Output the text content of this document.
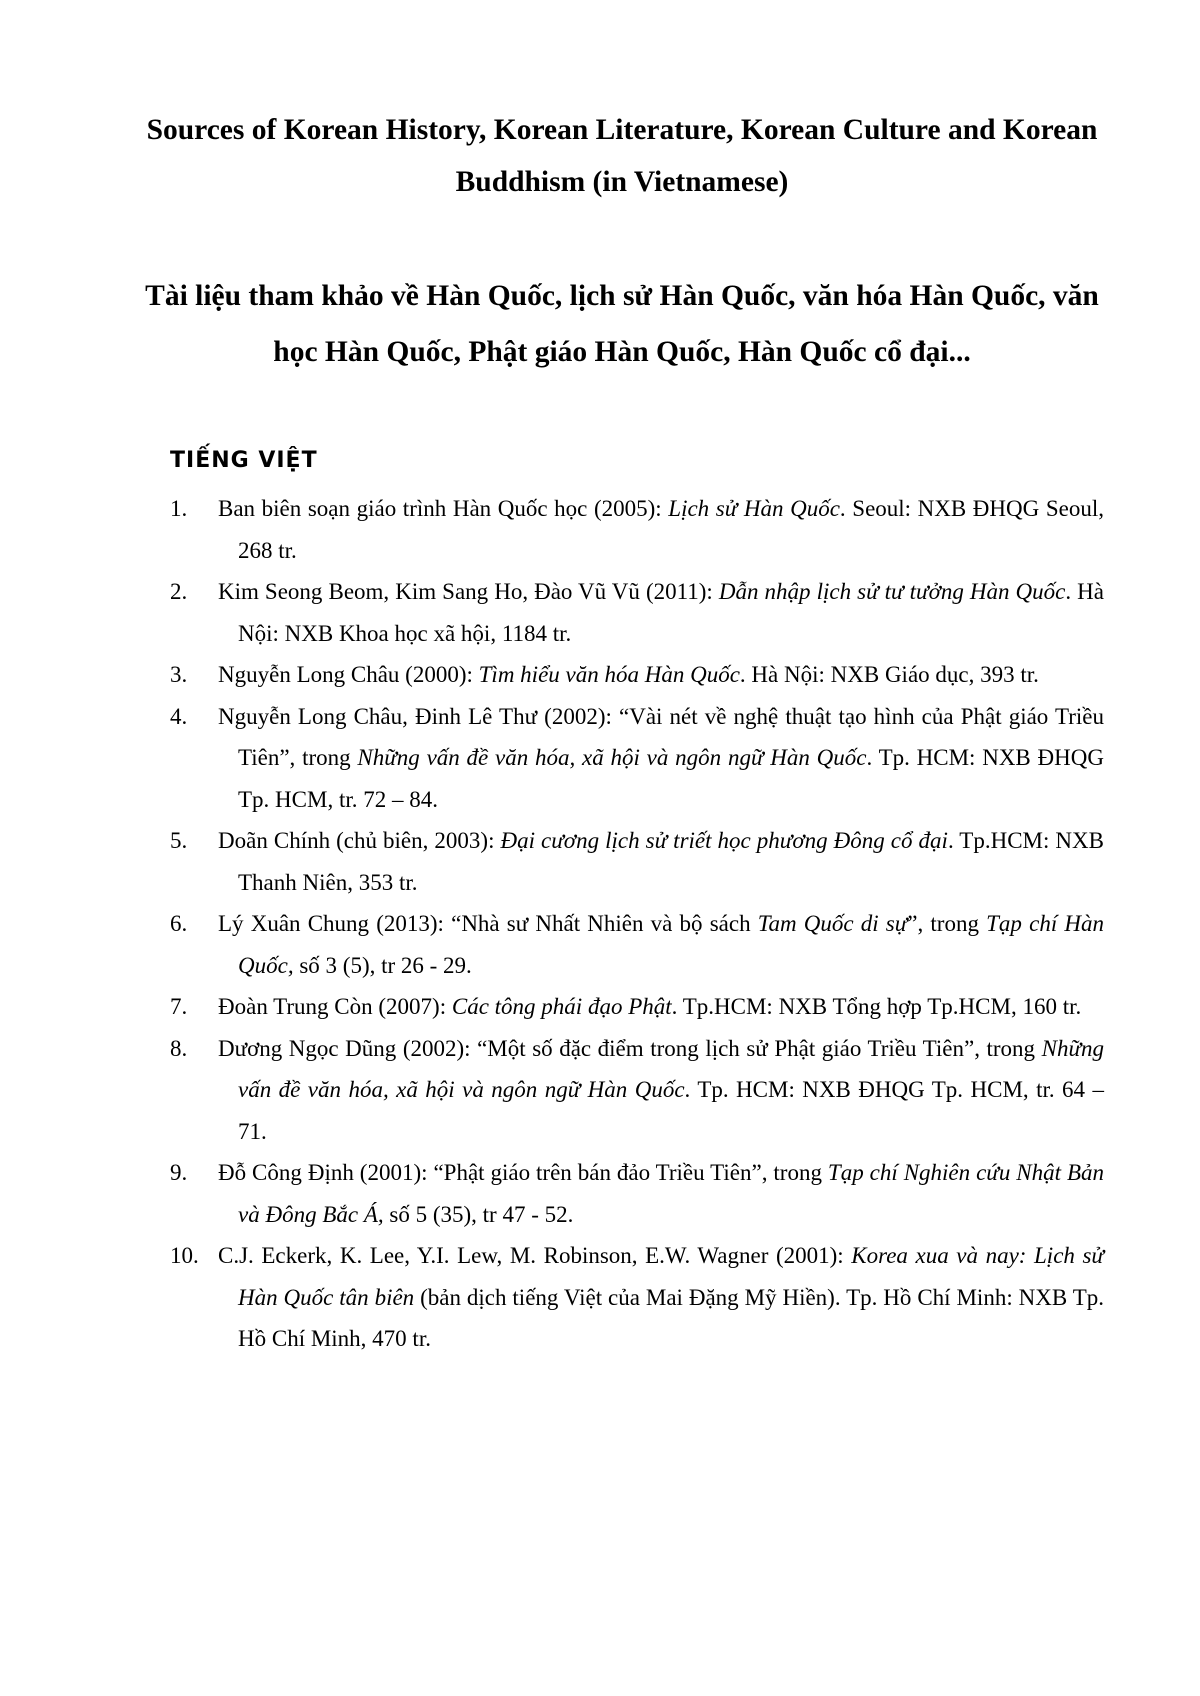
Sources of Korean History, Korean Literature, Korean Culture and Korean Buddhism (in Vietnamese)
Tài liệu tham khảo về Hàn Quốc, lịch sử Hàn Quốc, văn hóa Hàn Quốc, văn học Hàn Quốc, Phật giáo Hàn Quốc, Hàn Quốc cổ đại...
TIẾNG VIỆT
1.	Ban biên soạn giáo trình Hàn Quốc học (2005): Lịch sử Hàn Quốc. Seoul: NXB ĐHQG Seoul, 268 tr.
2.	Kim Seong Beom, Kim Sang Ho, Đào Vũ Vũ (2011): Dẫn nhập lịch sử tư tưởng Hàn Quốc. Hà Nội: NXB Khoa học xã hội, 1184 tr.
3.	Nguyễn Long Châu (2000): Tìm hiểu văn hóa Hàn Quốc. Hà Nội: NXB Giáo dục, 393 tr.
4.	Nguyễn Long Châu, Đinh Lê Thư (2002): “Vài nét về nghệ thuật tạo hình của Phật giáo Triều Tiên”, trong Những vấn đề văn hóa, xã hội và ngôn ngữ Hàn Quốc. Tp. HCM: NXB ĐHQG Tp. HCM, tr. 72 – 84.
5.	Doãn Chính (chủ biên, 2003): Đại cương lịch sử triết học phương Đông cổ đại. Tp.HCM: NXB Thanh Niên, 353 tr.
6.	Lý Xuân Chung (2013): “Nhà sư Nhất Nhiên và bộ sách Tam Quốc di sự”, trong Tạp chí Hàn Quốc, số 3 (5), tr 26 - 29.
7.	Đoàn Trung Còn (2007): Các tông phái đạo Phật. Tp.HCM: NXB Tổng hợp Tp.HCM, 160 tr.
8.	Dương Ngọc Dũng (2002): “Một số đặc điểm trong lịch sử Phật giáo Triều Tiên”, trong Những vấn đề văn hóa, xã hội và ngôn ngữ Hàn Quốc. Tp. HCM: NXB ĐHQG Tp. HCM, tr. 64 – 71.
9.	Đỗ Công Định (2001): “Phật giáo trên bán đảo Triều Tiên”, trong Tạp chí Nghiên cứu Nhật Bản và Đông Bắc Á, số 5 (35), tr 47 - 52.
10. C.J. Eckerk, K. Lee, Y.I. Lew, M. Robinson, E.W. Wagner (2001): Korea xua và nay: Lịch sử Hàn Quốc tân biên (bản dịch tiếng Việt của Mai Đặng Mỹ Hiền). Tp. Hồ Chí Minh: NXB Tp. Hồ Chí Minh, 470 tr.
